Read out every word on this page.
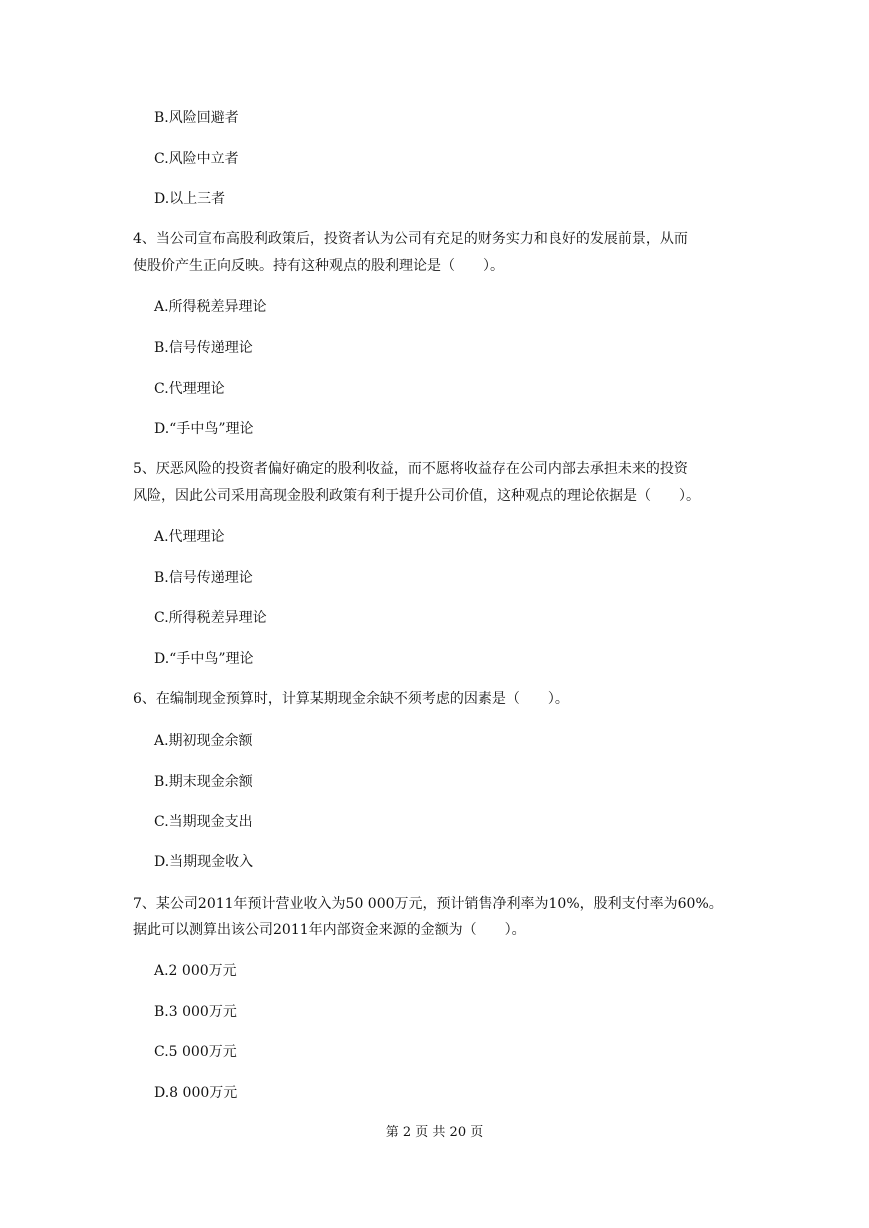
B.风险回避者
C.风险中立者
D.以上三者
4、当公司宣布高股利政策后，投资者认为公司有充足的财务实力和良好的发展前景，从而
使股价产生正向反映。持有这种观点的股利理论是（　　）。
A.所得税差异理论
B.信号传递理论
C.代理理论
D.“手中鸟”理论
5、厌恶风险的投资者偏好确定的股利收益，而不愿将收益存在公司内部去承担未来的投资
风险，因此公司采用高现金股利政策有利于提升公司价值，这种观点的理论依据是（　　）。
A.代理理论
B.信号传递理论
C.所得税差异理论
D.“手中鸟”理论
6、在编制现金预算时，计算某期现金余缺不须考虑的因素是（　　）。
A.期初现金余额
B.期末现金余额
C.当期现金支出
D.当期现金收入
7、某公司2011年预计营业收入为50 000万元，预计销售净利率为10%，股利支付率为60%。
据此可以测算出该公司2011年内部资金来源的金额为（　　）。
A.2 000万元
B.3 000万元
C.5 000万元
D.8 000万元
第 2 页 共 20 页
